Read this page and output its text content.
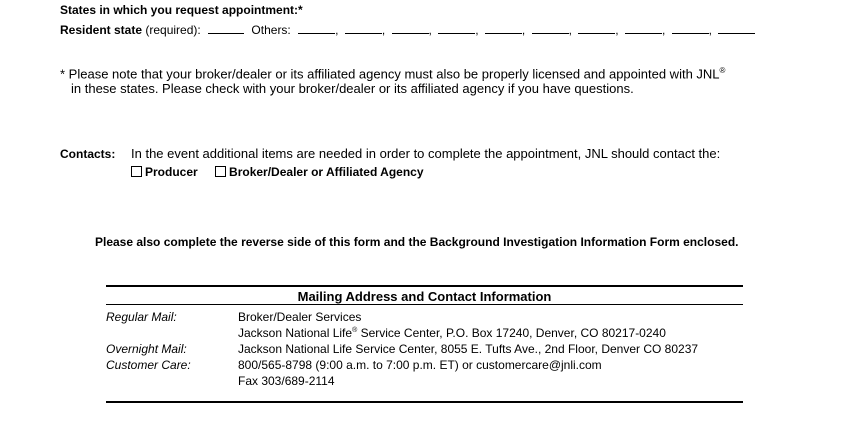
States in which you request appointment:*
Resident state (required):	Others:	,	,	,	,	,	,	,	,	,
* Please note that your broker/dealer or its affiliated agency must also be properly licensed and appointed with JNL®
in these states. Please check with your broker/dealer or its affiliated agency if you have questions.
Contacts: In the event additional items are needed in order to complete the appointment, JNL should contact the:
Producer	Broker/Dealer or Affiliated Agency
Please also complete the reverse side of this form and the Background Investigation Information Form enclosed.
Mailing Address and Contact Information
Regular Mail:	Broker/Dealer Services
Jackson National Life® Service Center, P.O. Box 17240, Denver, CO 80217-0240
Overnight Mail:	Jackson National Life Service Center, 8055 E. Tufts Ave., 2nd Floor, Denver CO 80237
Customer Care:	800/565-8798 (9:00 a.m. to 7:00 p.m. ET) or customercare@jnli.com
Fax 303/689-2114
